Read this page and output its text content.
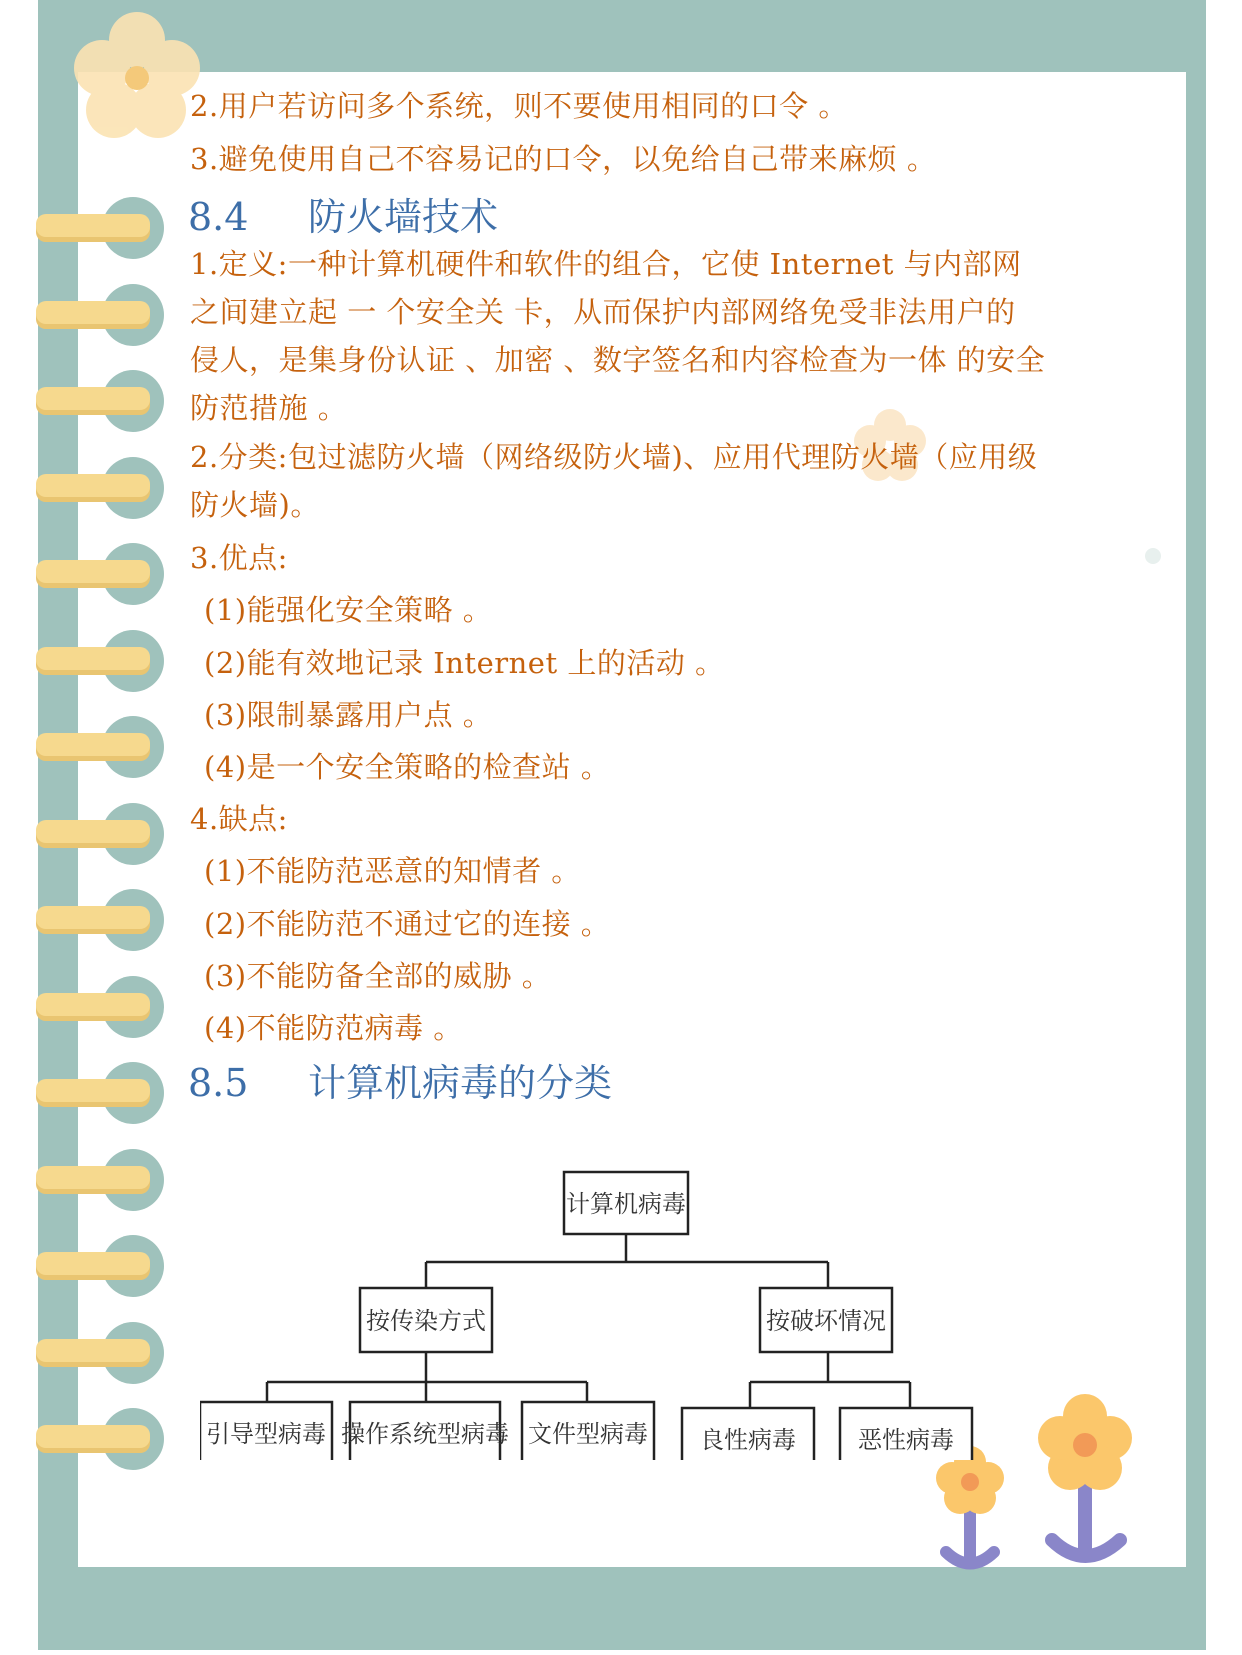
2.用户若访问多个系统，则不要使用相同的口令 。

3.避免使用自己不容易记的口令，以免给自己带来麻烦 。

8.4 防火墙技术

1.定义:一种计算机硬件和软件的组合，它使 Internet 与内部网

之间建立起 一 个安全关 卡，从而保护内部网络免受非法用户的

侵人，是集身份认证 、加密 、数字签名和内容检查为一体 的安全

防范措施 。

2.分类:包过滤防火墙（网络级防火墙)、应用代理防火墙（应用级

防火墙)。

3.优点:

(1)能强化安全策略 。

(2)能有效地记录 Internet 上的活动 。

(3)限制暴露用户点 。

(4)是一个安全策略的检查站 。

4.缺点:

(1)不能防范恶意的知情者 。

(2)不能防范不通过它的连接 。

(3)不能防备全部的威胁 。

(4)不能防范病毒 。

8.5 计算机病毒的分类
计算机病毒
按传染方式	按破坏情况
引导型病毒 操作系统型病毒 文件型病毒 良性病毒	恶性病毒
